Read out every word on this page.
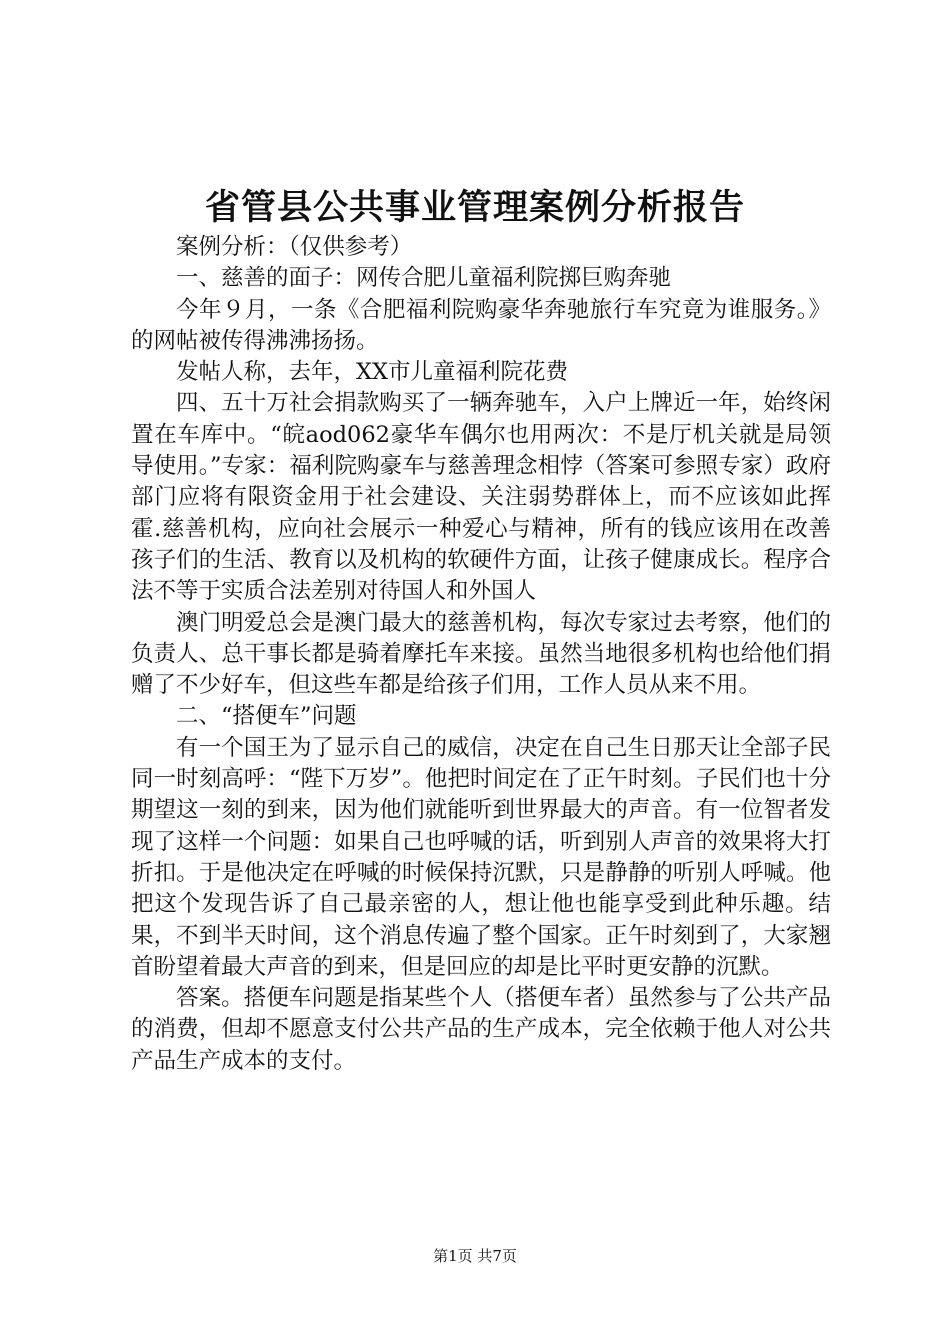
省管县公共事业管理案例分析报告

案例分析：（仅供参考）

一、慈善的面子：网传合肥儿童福利院掷巨购奔驰

今年９月，一条《合肥福利院购豪华奔驰旅行车究竟为谁服务。》的网帖被传得沸沸扬扬。

发帖人称，去年，XX市儿童福利院花费

四、五十万社会捐款购买了一辆奔驰车，入户上牌近一年，始终闲置在车库中。“皖aod062豪华车偶尔也用两次：不是厅机关就是局领导使用。”专家：福利院购豪车与慈善理念相悖（答案可参照专家）政府部门应将有限资金用于社会建设、关注弱势群体上，而不应该如此挥霍.慈善机构，应向社会展示一种爱心与精神，所有的钱应该用在改善孩子们的生活、教育以及机构的软硬件方面，让孩子健康成长。程序合法不等于实质合法差别对待国人和外国人

澳门明爱总会是澳门最大的慈善机构，每次专家过去考察，他们的负责人、总干事长都是骑着摩托车来接。虽然当地很多机构也给他们捐赠了不少好车，但这些车都是给孩子们用，工作人员从来不用。

二、“搭便车”问题

有一个国王为了显示自己的威信，决定在自己生日那天让全部子民同一时刻高呼：“陛下万岁”。他把时间定在了正午时刻。子民们也十分期望这一刻的到来，因为他们就能听到世界最大的声音。有一位智者发现了这样一个问题：如果自己也呼喊的话，听到别人声音的效果将大打折扣。于是他决定在呼喊的时候保持沉默，只是静静的听别人呼喊。他把这个发现告诉了自己最亲密的人，想让他也能享受到此种乐趣。结果，不到半天时间，这个消息传遍了整个国家。正午时刻到了，大家翘首盼望着最大声音的到来，但是回应的却是比平时更安静的沉默。

答案。搭便车问题是指某些个人（搭便车者）虽然参与了公共产品的消费，但却不愿意支付公共产品的生产成本，完全依赖于他人对公共产品生产成本的支付。

第1页 共7页
